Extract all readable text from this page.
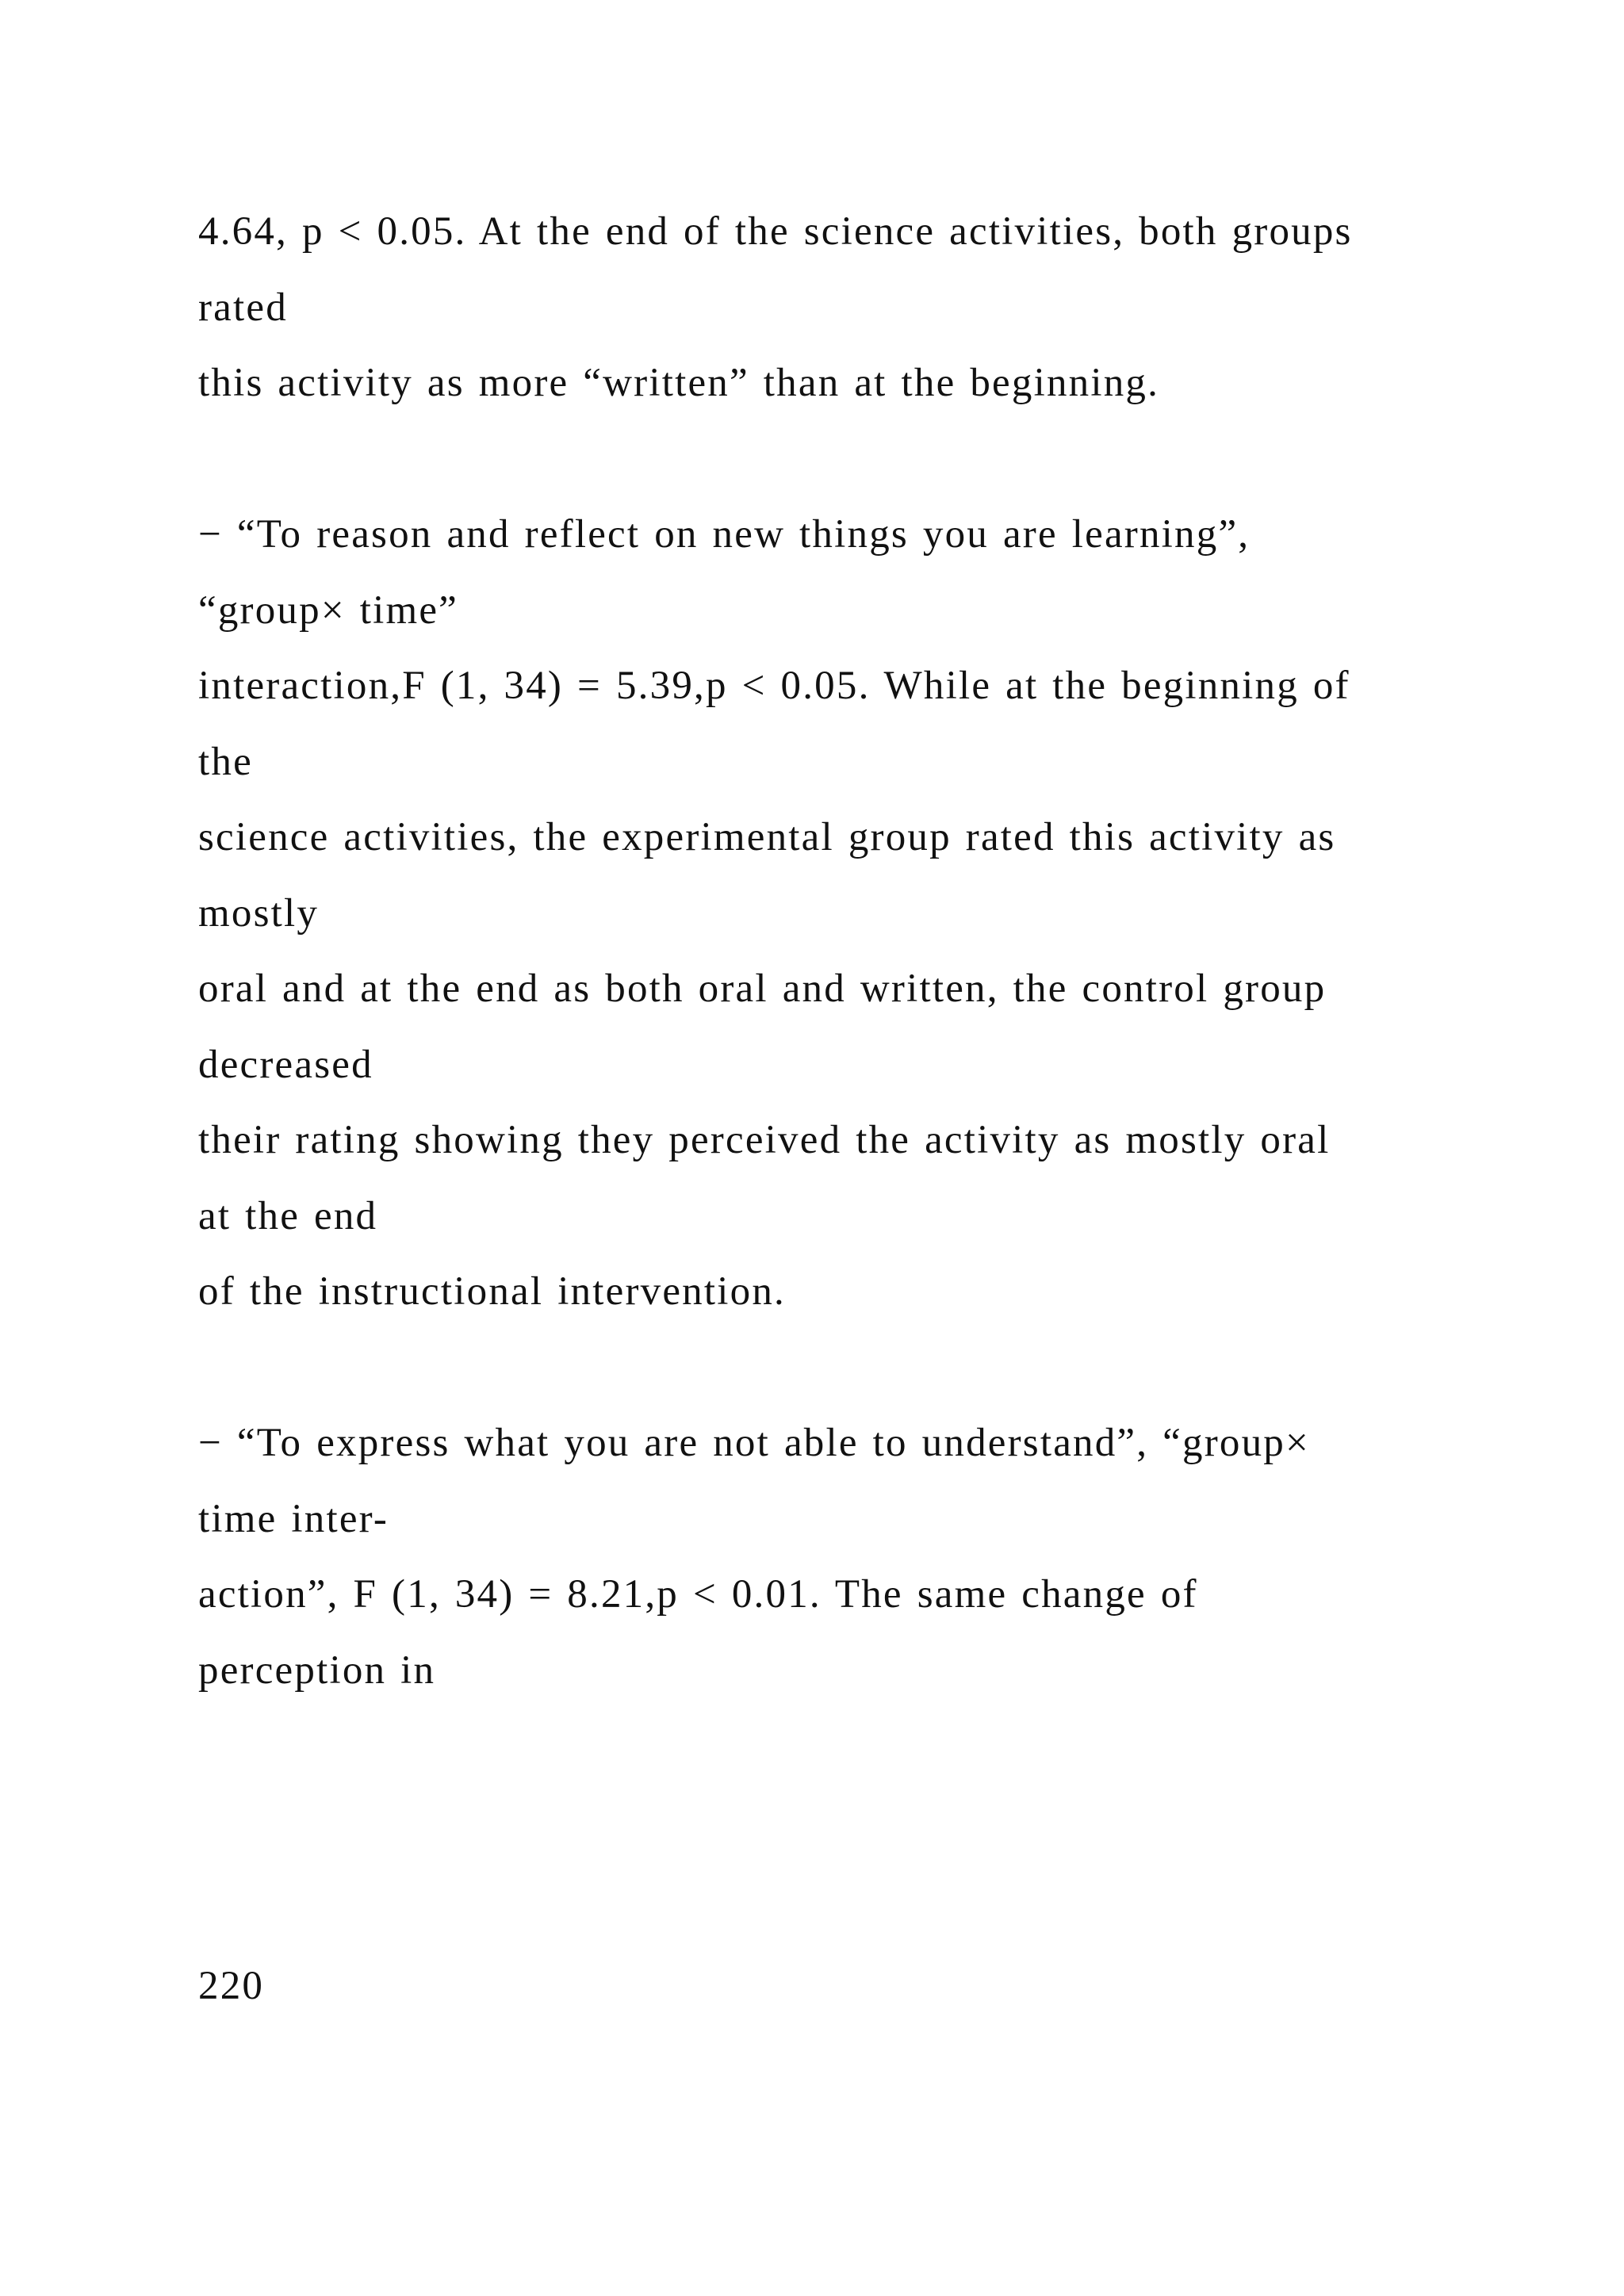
4.64, p < 0.05. At the end of the science activities, both groups
rated
this activity as more “written” than at the beginning.
− “To reason and reflect on new things you are learning”,
“group× time”
interaction,F (1, 34) = 5.39,p < 0.05. While at the beginning of
the
science activities, the experimental group rated this activity as
mostly
oral and at the end as both oral and written, the control group
decreased
their rating showing they perceived the activity as mostly oral
at the end
of the instructional intervention.
− “To express what you are not able to understand”, “group×
time inter-
action”, F (1, 34) = 8.21,p < 0.01. The same change of
perception in
220
